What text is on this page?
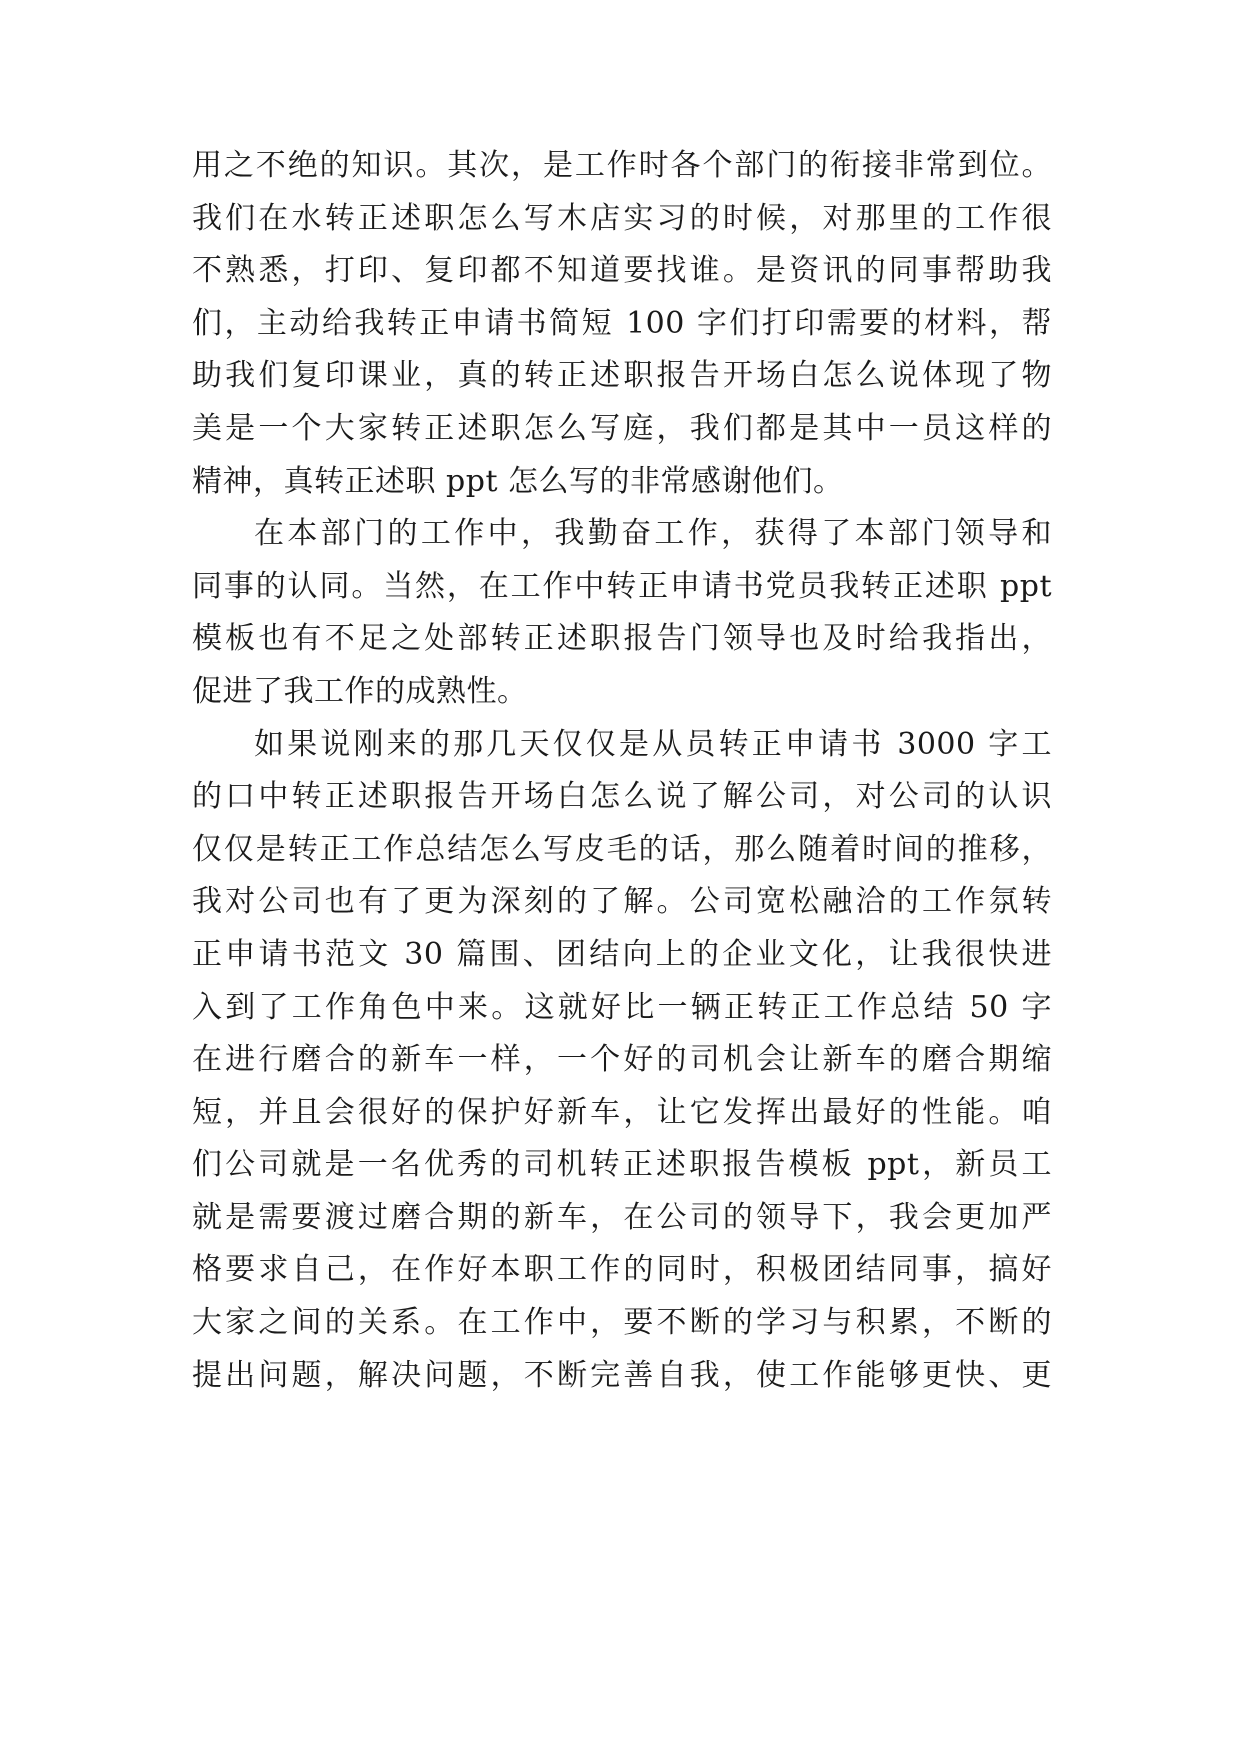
用之不绝的知识。其次，是工作时各个部门的衔接非常到位。
我们在水转正述职怎么写木店实习的时候，对那里的工作很
不熟悉，打印、复印都不知道要找谁。是资讯的同事帮助我
们，主动给我转正申请书简短 100 字们打印需要的材料，帮
助我们复印课业，真的转正述职报告开场白怎么说体现了物
美是一个大家转正述职怎么写庭，我们都是其中一员这样的
精神，真转正述职 ppt 怎么写的非常感谢他们。
在本部门的工作中，我勤奋工作，获得了本部门领导和
同事的认同。当然，在工作中转正申请书党员我转正述职 ppt
模板也有不足之处部转正述职报告门领导也及时给我指出，
促进了我工作的成熟性。
如果说刚来的那几天仅仅是从员转正申请书 3000 字工
的口中转正述职报告开场白怎么说了解公司，对公司的认识
仅仅是转正工作总结怎么写皮毛的话，那么随着时间的推移，
我对公司也有了更为深刻的了解。公司宽松融洽的工作氛转
正申请书范文 30 篇围、团结向上的企业文化，让我很快进
入到了工作角色中来。这就好比一辆正转正工作总结 50 字
在进行磨合的新车一样，一个好的司机会让新车的磨合期缩
短，并且会很好的保护好新车，让它发挥出最好的性能。咱
们公司就是一名优秀的司机转正述职报告模板 ppt，新员工
就是需要渡过磨合期的新车，在公司的领导下，我会更加严
格要求自己，在作好本职工作的同时，积极团结同事，搞好
大家之间的关系。在工作中，要不断的学习与积累，不断的
提出问题，解决问题，不断完善自我，使工作能够更快、更
